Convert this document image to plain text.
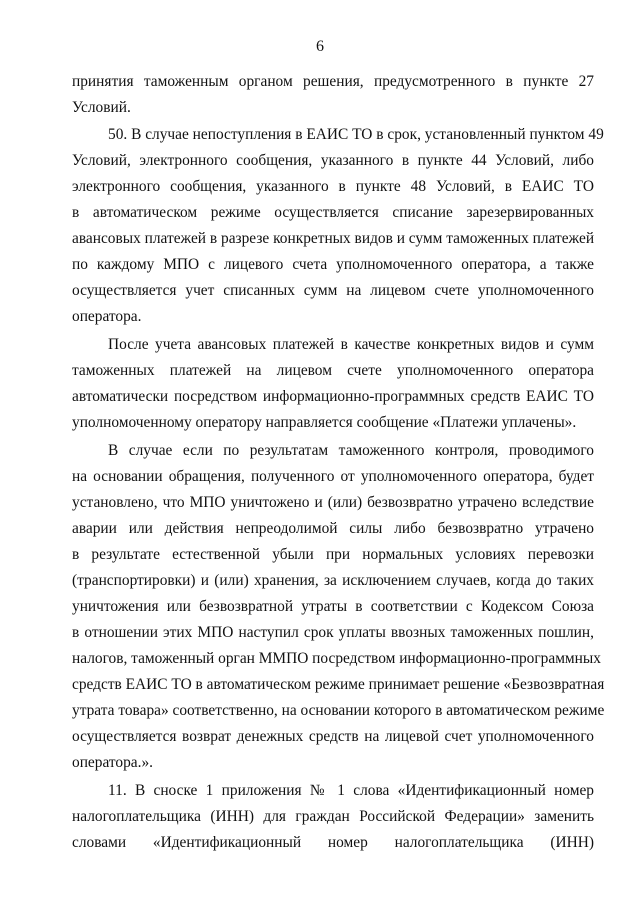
6
принятия таможенным органом решения, предусмотренного в пункте 27
Условий.
50. В случае непоступления в ЕАИС ТО в срок, установленный пунктом 49
Условий, электронного сообщения, указанного в пункте 44 Условий, либо
электронного сообщения, указанного в пункте 48 Условий, в ЕАИС ТО
в автоматическом режиме осуществляется списание зарезервированных
авансовых платежей в разрезе конкретных видов и сумм таможенных платежей
по каждому МПО с лицевого счета уполномоченного оператора, а также
осуществляется учет списанных сумм на лицевом счете уполномоченного
оператора.
После учета авансовых платежей в качестве конкретных видов и сумм
таможенных платежей на лицевом счете уполномоченного оператора
автоматически посредством информационно-программных средств ЕАИС ТО
уполномоченному оператору направляется сообщение «Платежи уплачены».
В случае если по результатам таможенного контроля, проводимого
на основании обращения, полученного от уполномоченного оператора, будет
установлено, что МПО уничтожено и (или) безвозвратно утрачено вследствие
аварии или действия непреодолимой силы либо безвозвратно утрачено
в результате естественной убыли при нормальных условиях перевозки
(транспортировки) и (или) хранения, за исключением случаев, когда до таких
уничтожения или безвозвратной утраты в соответствии с Кодексом Союза
в отношении этих МПО наступил срок уплаты ввозных таможенных пошлин,
налогов, таможенный орган ММПО посредством информационно-программных
средств ЕАИС ТО в автоматическом режиме принимает решение «Безвозвратная
утрата товара» соответственно, на основании которого в автоматическом режиме
осуществляется возврат денежных средств на лицевой счет уполномоченного
оператора.».
11. В сноске 1 приложения № 1 слова «Идентификационный номер
налогоплательщика (ИНН) для граждан Российской Федерации» заменить
словами «Идентификационный номер налогоплательщика (ИНН)
